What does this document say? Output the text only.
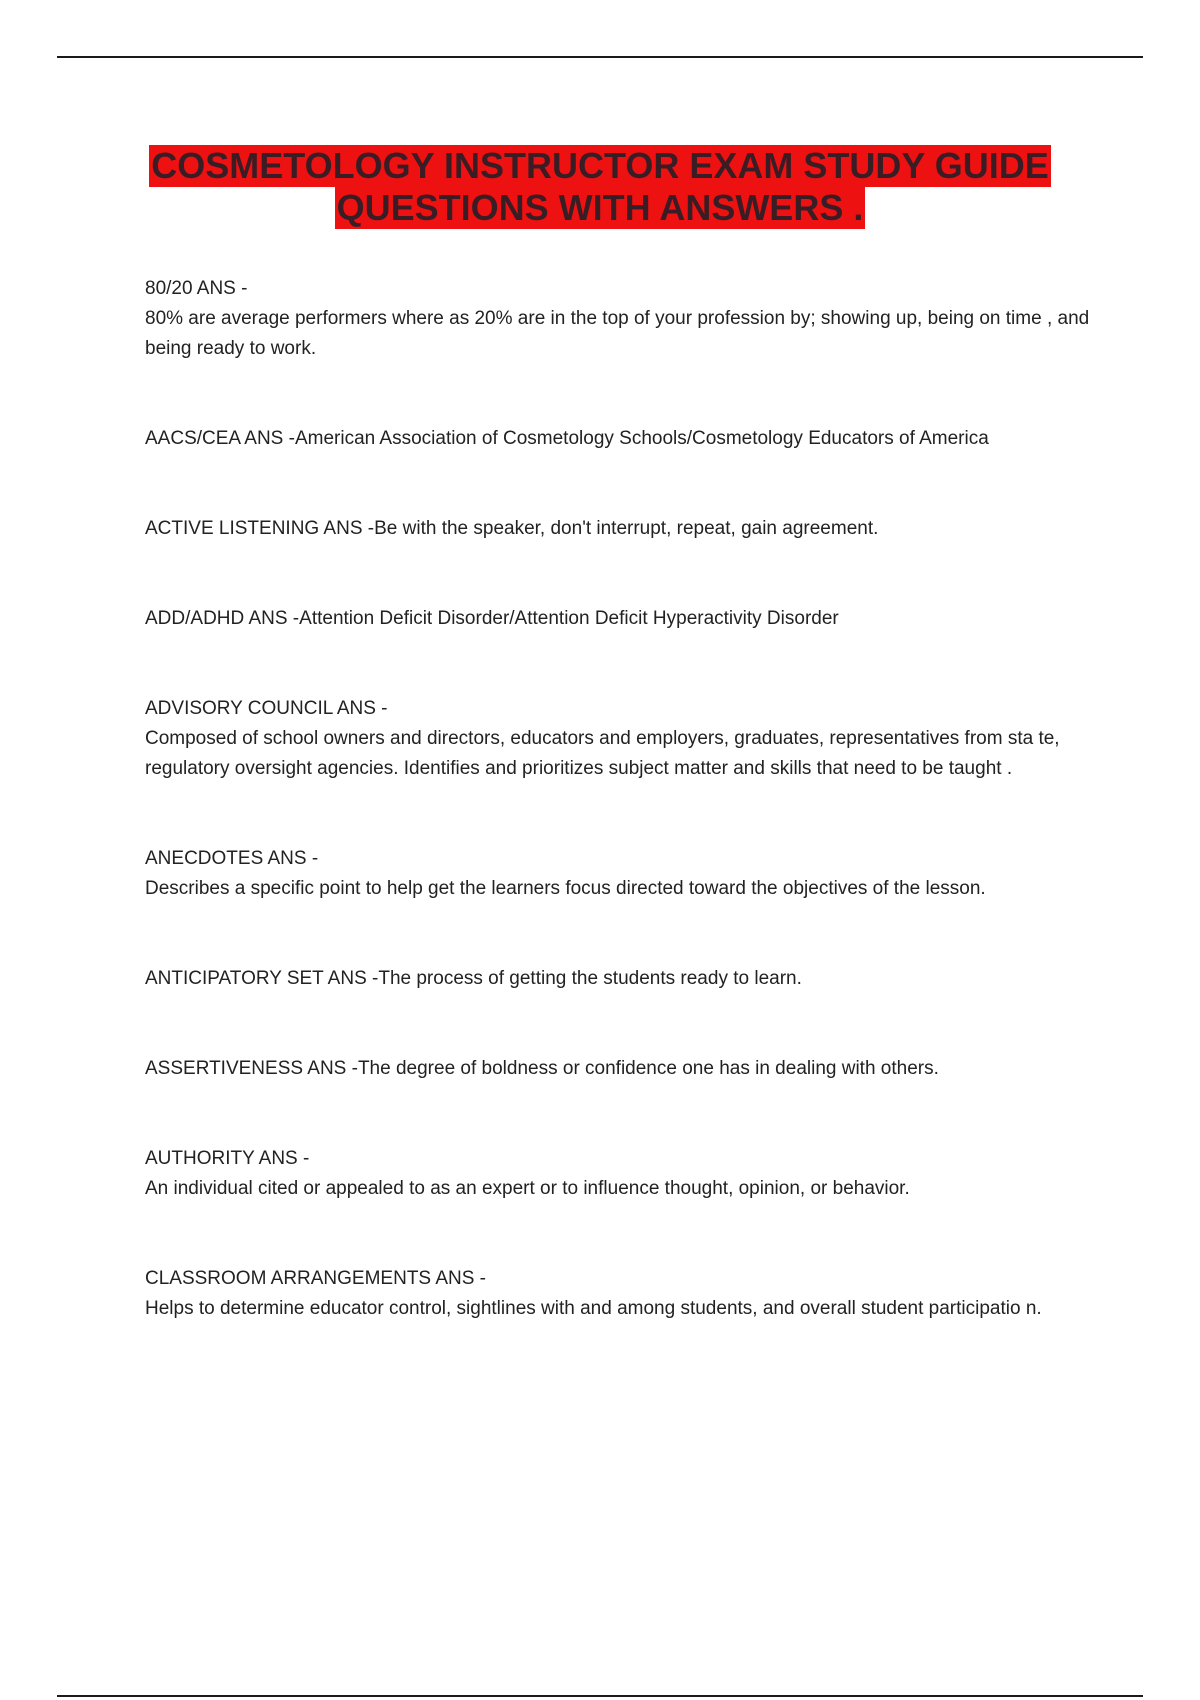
COSMETOLOGY INSTRUCTOR EXAM STUDY GUIDE
QUESTIONS WITH ANSWERS .
80/20 ANS -
80% are average performers where as 20% are in the top of your profession by; showing up, being on time , and being ready to work.
AACS/CEA ANS -American Association of Cosmetology Schools/Cosmetology Educators of America
ACTIVE LISTENING ANS -Be with the speaker, don't interrupt, repeat, gain agreement.
ADD/ADHD ANS -Attention Deficit Disorder/Attention Deficit Hyperactivity Disorder
ADVISORY COUNCIL ANS -
Composed of school owners and directors, educators and employers, graduates, representatives from sta te, regulatory oversight agencies. Identifies and prioritizes subject matter and skills that need to be taught .
ANECDOTES ANS -
Describes a specific point to help get the learners focus directed toward the objectives of the lesson.
ANTICIPATORY SET ANS -The process of getting the students ready to learn.
ASSERTIVENESS ANS -The degree of boldness or confidence one has in dealing with others.
AUTHORITY ANS -
An individual cited or appealed to as an expert or to influence thought, opinion, or behavior.
CLASSROOM ARRANGEMENTS ANS -
Helps to determine educator control, sightlines with and among students, and overall student participatio n.
